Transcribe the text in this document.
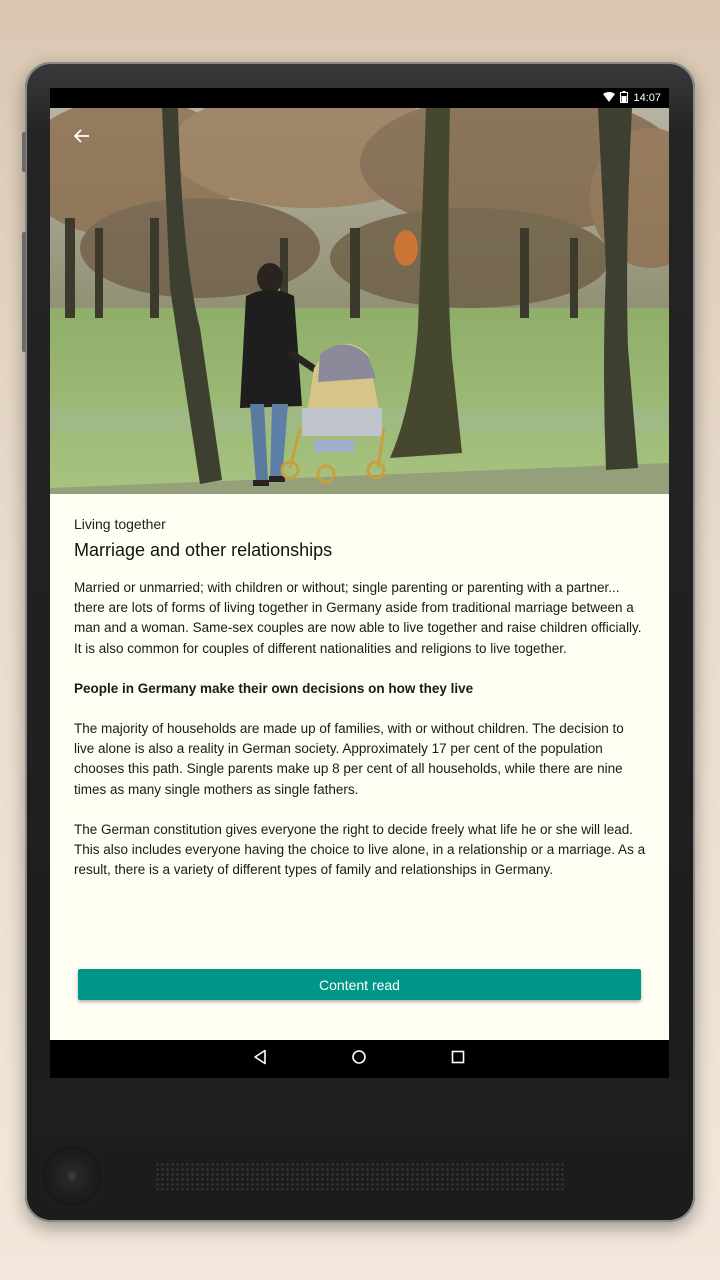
14:07
Living together
Marriage and other relationships

Married or unmarried; with children or without; single parenting or parenting with a partner... there are lots of forms of living together in Germany aside from traditional marriage between a man and a woman. Same-sex couples are now able to live together and raise children officially. It is also common for couples of different nationalities and religions to live together.

People in Germany make their own decisions on how they live

The majority of households are made up of families, with or without children. The decision to live alone is also a reality in German society. Approximately 17 per cent of the population chooses this path. Single parents make up 8 per cent of all households, while there are nine times as many single mothers as single fathers.

The German constitution gives everyone the right to decide freely what life he or she will lead. This also includes everyone having the choice to live alone, in a relationship or a marriage. As a result, there is a variety of different types of family and relationships in Germany.

Content read
